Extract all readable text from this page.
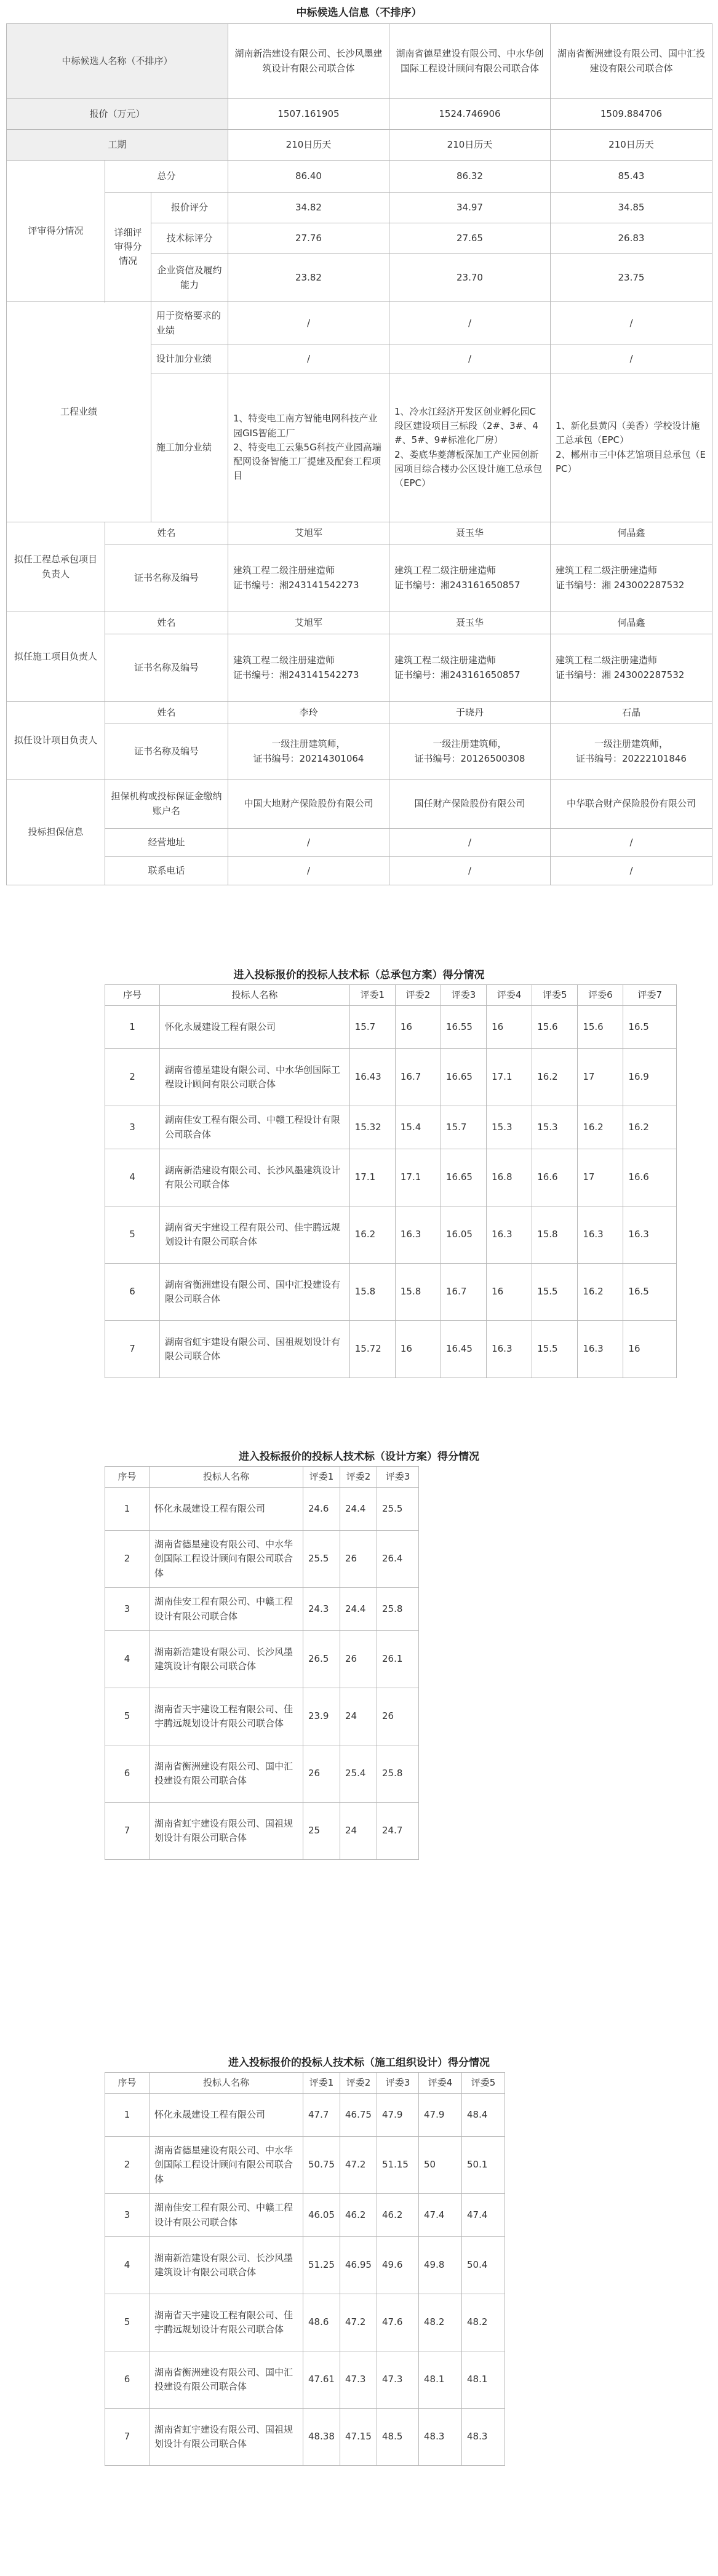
中标候选人信息（不排序）
中标候选人名称（不排序）			湖南新浩建设有限公司、长沙风墨建筑设计有限公司联合体	湖南省德星建设有限公司、中水华创国际工程设计顾问有限公司联合体	湖南省衡洲建设有限公司、国中汇投建设有限公司联合体
报价（万元）			1507.161905	1524.746906	1509.884706
工期			210日历天	210日历天	210日历天
评审得分情况	总分		86.40	86.32	85.43
	详细评审得分情况	报价评分	34.82	34.97	34.85
		技术标评分	27.76	27.65	26.83
		企业资信及履约能力	23.82	23.70	23.75

工程业绩		用于资格要求的业绩	/	/	/
		设计加分业绩	/	/	/
		施工加分业绩	1、特变电工南方智能电网科技产业园GIS智能工厂
2、特变电工云集5G科技产业园高端配网设备智能工厂提建及配套工程项目	1、冷水江经济开发区创业孵化园C段区建设项目三标段（2#、3#、4#、5#、9#标准化厂房）
2、娄底华菱薄板深加工产业园创新园项目综合楼办公区设计施工总承包（EPC）	1、新化县黄闪（美香）学校设计施工总承包（EPC）
2、郴州市三中体艺馆项目总承包（EPC）
拟任工程总承包项目负责人	姓名		艾旭军	聂玉华	何晶鑫
	证书名称及编号		建筑工程二级注册建造师
证书编号：湘243141542273	建筑工程二级注册建造师
证书编号：湘243161650857	建筑工程二级注册建造师
证书编号：湘 243002287532
拟任施工项目负责人	姓名		艾旭军	聂玉华	何晶鑫
	证书名称及编号		建筑工程二级注册建造师
证书编号：湘243141542273	建筑工程二级注册建造师
证书编号：湘243161650857	建筑工程二级注册建造师
证书编号：湘 243002287532
拟任设计项目负责人	姓名		李玲	于晓丹	石晶
	证书名称及编号		一级注册建筑师，
证书编号：20214301064	一级注册建筑师，
证书编号：20126500308	一级注册建筑师，
证书编号：20222101846
投标担保信息	担保机构或投标保证金缴纳账户名		中国大地财产保险股份有限公司	国任财产保险股份有限公司	中华联合财产保险股份有限公司
	经营地址		/	/	/
	联系电话		/	/	/
进入投标报价的投标人技术标（总承包方案）得分情况
序号	投标人名称	评委1	评委2	评委3	评委4	评委5	评委6	评委7
1	怀化永晟建设工程有限公司	15.7	16	16.55	16	15.6	15.6	16.5
2	湖南省德星建设有限公司、中水华创国际工程设计顾问有限公司联合体	16.43	16.7	16.65	17.1	16.2	17	16.9
3	湖南佳安工程有限公司、中赣工程设计有限公司联合体	15.32	15.4	15.7	15.3	15.3	16.2	16.2
4	湖南新浩建设有限公司、长沙风墨建筑设计有限公司联合体	17.1	17.1	16.65	16.8	16.6	17	16.6
5	湖南省天宇建设工程有限公司、佳宇腾远规划设计有限公司联合体	16.2	16.3	16.05	16.3	15.8	16.3	16.3
6	湖南省衡洲建设有限公司、国中汇投建设有限公司联合体	15.8	15.8	16.7	16	15.5	16.2	16.5
7	湖南省虹宇建设有限公司、国祖规划设计有限公司联合体	15.72	16	16.45	16.3	15.5	16.3	16
进入投标报价的投标人技术标（设计方案）得分情况
序号	投标人名称	评委1	评委2	评委3
1	怀化永晟建设工程有限公司	24.6	24.4	25.5
2	湖南省德星建设有限公司、中水华创国际工程设计顾问有限公司联合体	25.5	26	26.4
3	湖南佳安工程有限公司、中赣工程设计有限公司联合体	24.3	24.4	25.8
4	湖南新浩建设有限公司、长沙风墨建筑设计有限公司联合体	26.5	26	26.1
5	湖南省天宇建设工程有限公司、佳宇腾远规划设计有限公司联合体	23.9	24	26
6	湖南省衡洲建设有限公司、国中汇投建设有限公司联合体	26	25.4	25.8
7	湖南省虹宇建设有限公司、国祖规划设计有限公司联合体	25	24	24.7
进入投标报价的投标人技术标（施工组织设计）得分情况
序号	投标人名称	评委1	评委2	评委3	评委4	评委5
1	怀化永晟建设工程有限公司	47.7	46.75	47.9	47.9	48.4
2	湖南省德星建设有限公司、中水华创国际工程设计顾问有限公司联合体	50.75	47.2	51.15	50	50.1
3	湖南佳安工程有限公司、中赣工程设计有限公司联合体	46.05	46.2	46.2	47.4	47.4
4	湖南新浩建设有限公司、长沙风墨建筑设计有限公司联合体	51.25	46.95	49.6	49.8	50.4
5	湖南省天宇建设工程有限公司、佳宇腾远规划设计有限公司联合体	48.6	47.2	47.6	48.2	48.2
6	湖南省衡洲建设有限公司、国中汇投建设有限公司联合体	47.61	47.3	47.3	48.1	48.1
7	湖南省虹宇建设有限公司、国祖规划设计有限公司联合体	48.38	47.15	48.5	48.3	48.3
